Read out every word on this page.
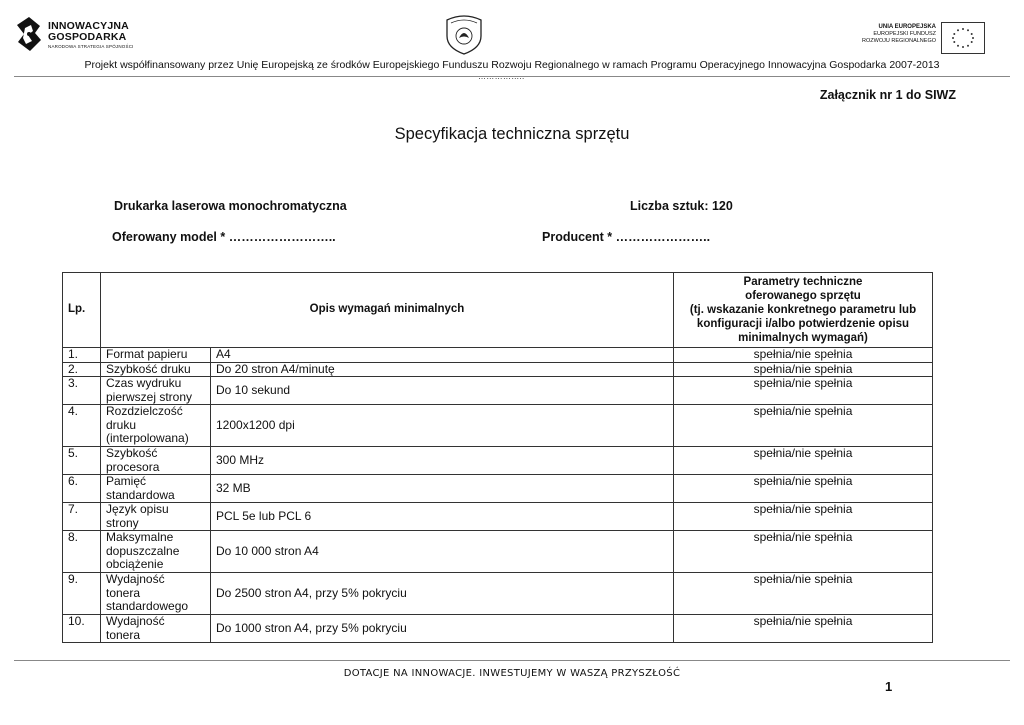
INNOWACYJNA
GOSPODARKA
NARODOWA STRATEGIA SPÓJNOŚCI
UNIA EUROPEJSKA
EUROPEJSKI FUNDUSZ
ROZWOJU REGIONALNEGO
Projekt współfinansowany przez Unię Europejską ze środków Europejskiego Funduszu Rozwoju Regionalnego w ramach Programu Operacyjnego Innowacyjna Gospodarka 2007-2013
……………..
Załącznik nr 1 do SIWZ
Specyfikacja techniczna sprzętu
Drukarka laserowa monochromatyczna	Liczba sztuk: 120
Oferowany model * ……………………..	Producent * …………………..
Lp.	Opis wymagań minimalnych		Parametry techniczne
oferowanego sprzętu
(tj. wskazanie konkretnego parametru lub
konfiguracji i/albo potwierdzenie opisu
minimalnych wymagań)

1.	Format papieru	A4	spełnia/nie spełnia
2.	Szybkość druku	Do 20 stron A4/minutę	spełnia/nie spełnia
3.	Czas wydruku
pierwszej strony	Do 10 sekund	spełnia/nie spełnia
4.	Rozdzielczość
druku
(interpolowana)	1200x1200 dpi	spełnia/nie spełnia
5.	Szybkość
procesora	300 MHz	spełnia/nie spełnia
6.	Pamięć
standardowa	32 MB	spełnia/nie spełnia
7.	Język opisu
strony	PCL 5e lub PCL 6	spełnia/nie spełnia
8.	Maksymalne
dopuszczalne
obciążenie	Do 10 000 stron A4	spełnia/nie spełnia
9.	Wydajność
tonera
standardowego	Do 2500 stron A4, przy 5% pokryciu	spełnia/nie spełnia
10.	Wydajność
tonera	Do 1000 stron A4, przy 5% pokryciu	spełnia/nie spełnia
DOTACJE NA INNOWACJE. INWESTUJEMY W WASZĄ PRZYSZŁOŚĆ
1
